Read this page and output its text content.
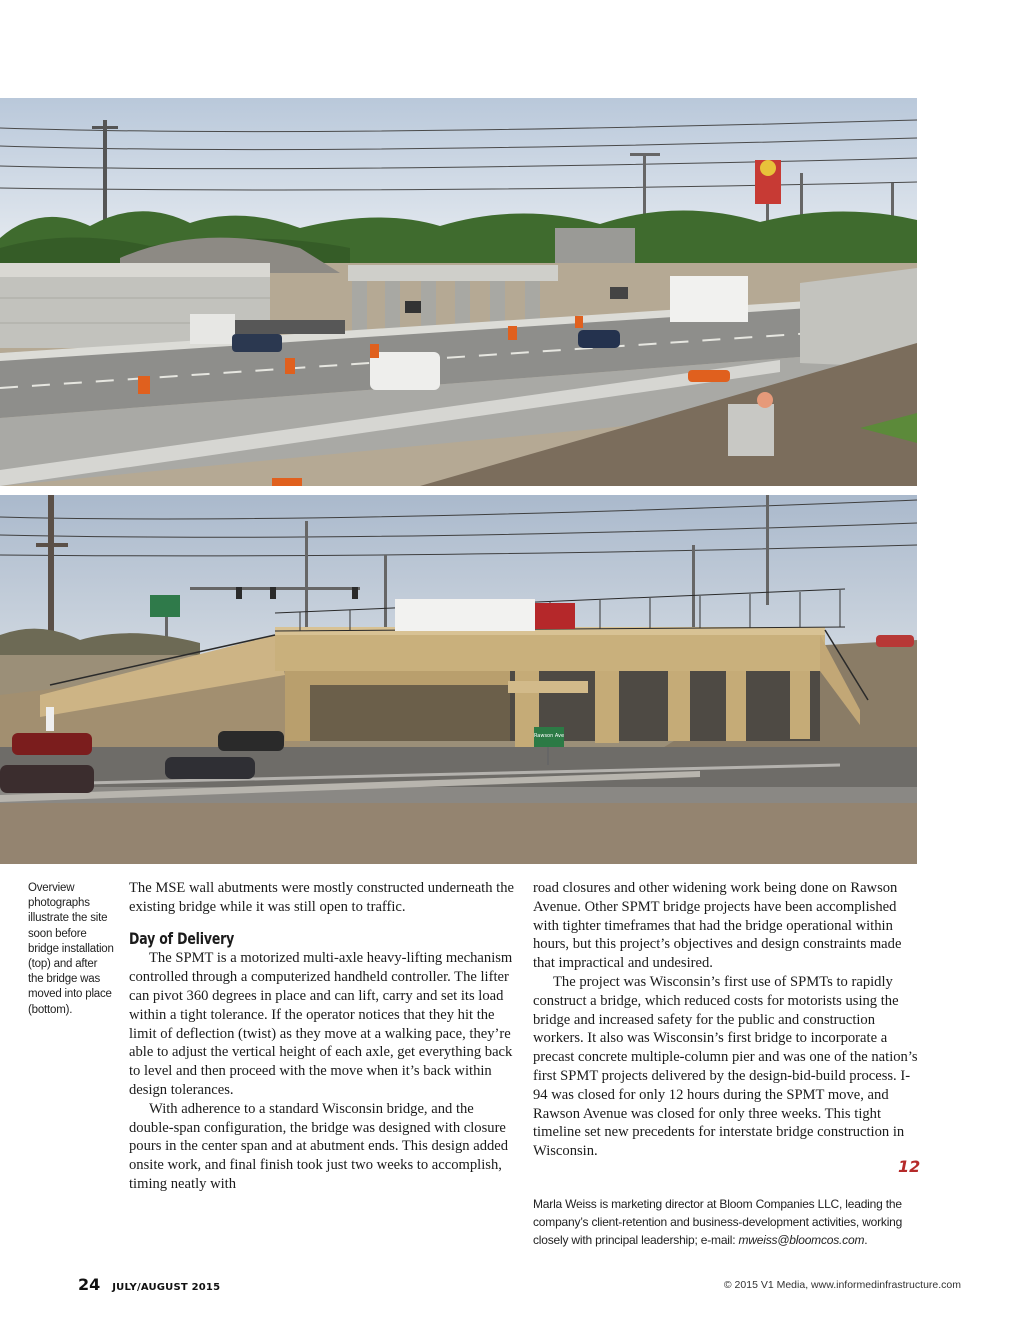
Rawson Ave
Overview photographs illustrate the site soon before bridge installation (top) and after the bridge was moved into place (bottom).

The MSE wall abutments were mostly constructed underneath the existing bridge while it was still open to traffic.

Day of Delivery

The SPMT is a motorized multi-axle heavy-lifting mechanism controlled through a computerized handheld controller. The lifter can pivot 360 degrees in place and can lift, carry and set its load within a tight tolerance. If the operator notices that they hit the limit of deflection (twist) as they move at a walking pace, they’re able to adjust the vertical height of each axle, get everything back to level and then proceed with the move when it’s back within design tolerances.

With adherence to a standard Wisconsin bridge, and the double-span configuration, the bridge was designed with closure pours in the center span and at abutment ends. This design added onsite work, and final finish took just two weeks to accomplish, timing neatly with

road closures and other widening work being done on Rawson Avenue. Other SPMT bridge projects have been accomplished with tighter timeframes that had the bridge operational within hours, but this project’s objectives and design constraints made that impractical and undesired.

The project was Wisconsin’s first use of SPMTs to rapidly construct a bridge, which reduced costs for motorists using the bridge and increased safety for the public and construction workers. It also was Wisconsin’s first bridge to incorporate a precast concrete multiple-column pier and was one of the nation’s first SPMT projects delivered by the design-bid-build process. I-94 was closed for only 12 hours during the SPMT move, and Rawson Avenue was closed for only three weeks. This tight timeline set new precedents for interstate bridge construction in Wisconsin.

12
Marla Weiss is marketing director at Bloom Companies LLC, leading the company’s client-retention and business-development activities, working closely with principal leadership; e-mail: mweiss@bloomcos.com.
24 JULY/AUGUST 2015	© 2015 V1 Media, www.informedinfrastructure.com
